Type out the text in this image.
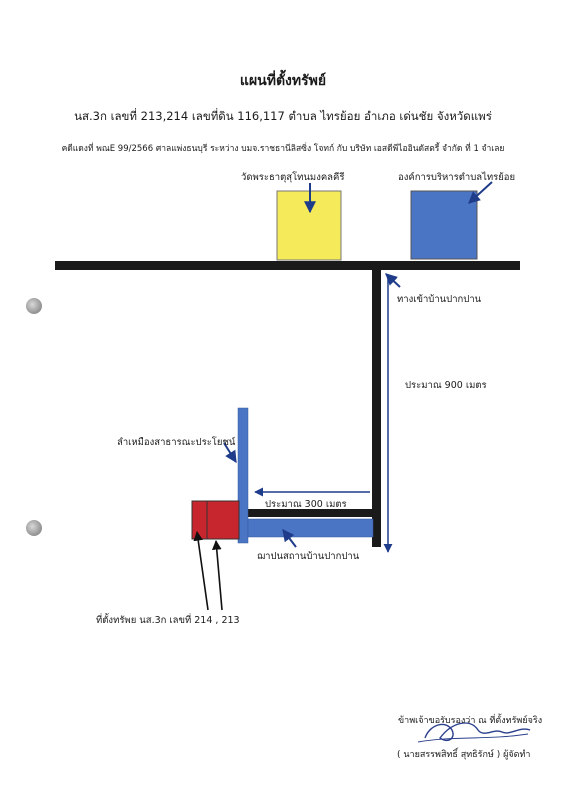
แผนที่ตั้งทรัพย์
นส.3ก เลขที่ 213,214 เลขที่ดิน 116,117 ตำบล ไทรย้อย อำเภอ เด่นชัย จังหวัดแพร่
คดีแดงที่ พณE 99/2566 ศาลแพ่งธนบุรี ระหว่าง บมจ.ราชธานีลิสซิ่ง โจทก์ กับ บริษัท เอสดีพีไออินดัสตรี้ จำกัด ที่ 1 จำเลย
วัดพระธาตุสุโทนมงคลคีรี	องค์การบริหารตำบลไทรย้อย
ทางเข้าบ้านปากปาน
ประมาณ 900 เมตร
ลำเหมืองสาธารณะประโยชน์
ประมาณ 300 เมตร
ฌาปนสถานบ้านปากปาน
ที่ตั้งทรัพย นส.3ก เลขที่ 214 , 213
ข้าพเจ้าขอรับรองว่า ณ ที่ตั้งทรัพย์จริง
( นายสรรพสิทธิ์ สุทธิรักษ์ ) ผู้จัดทำ
